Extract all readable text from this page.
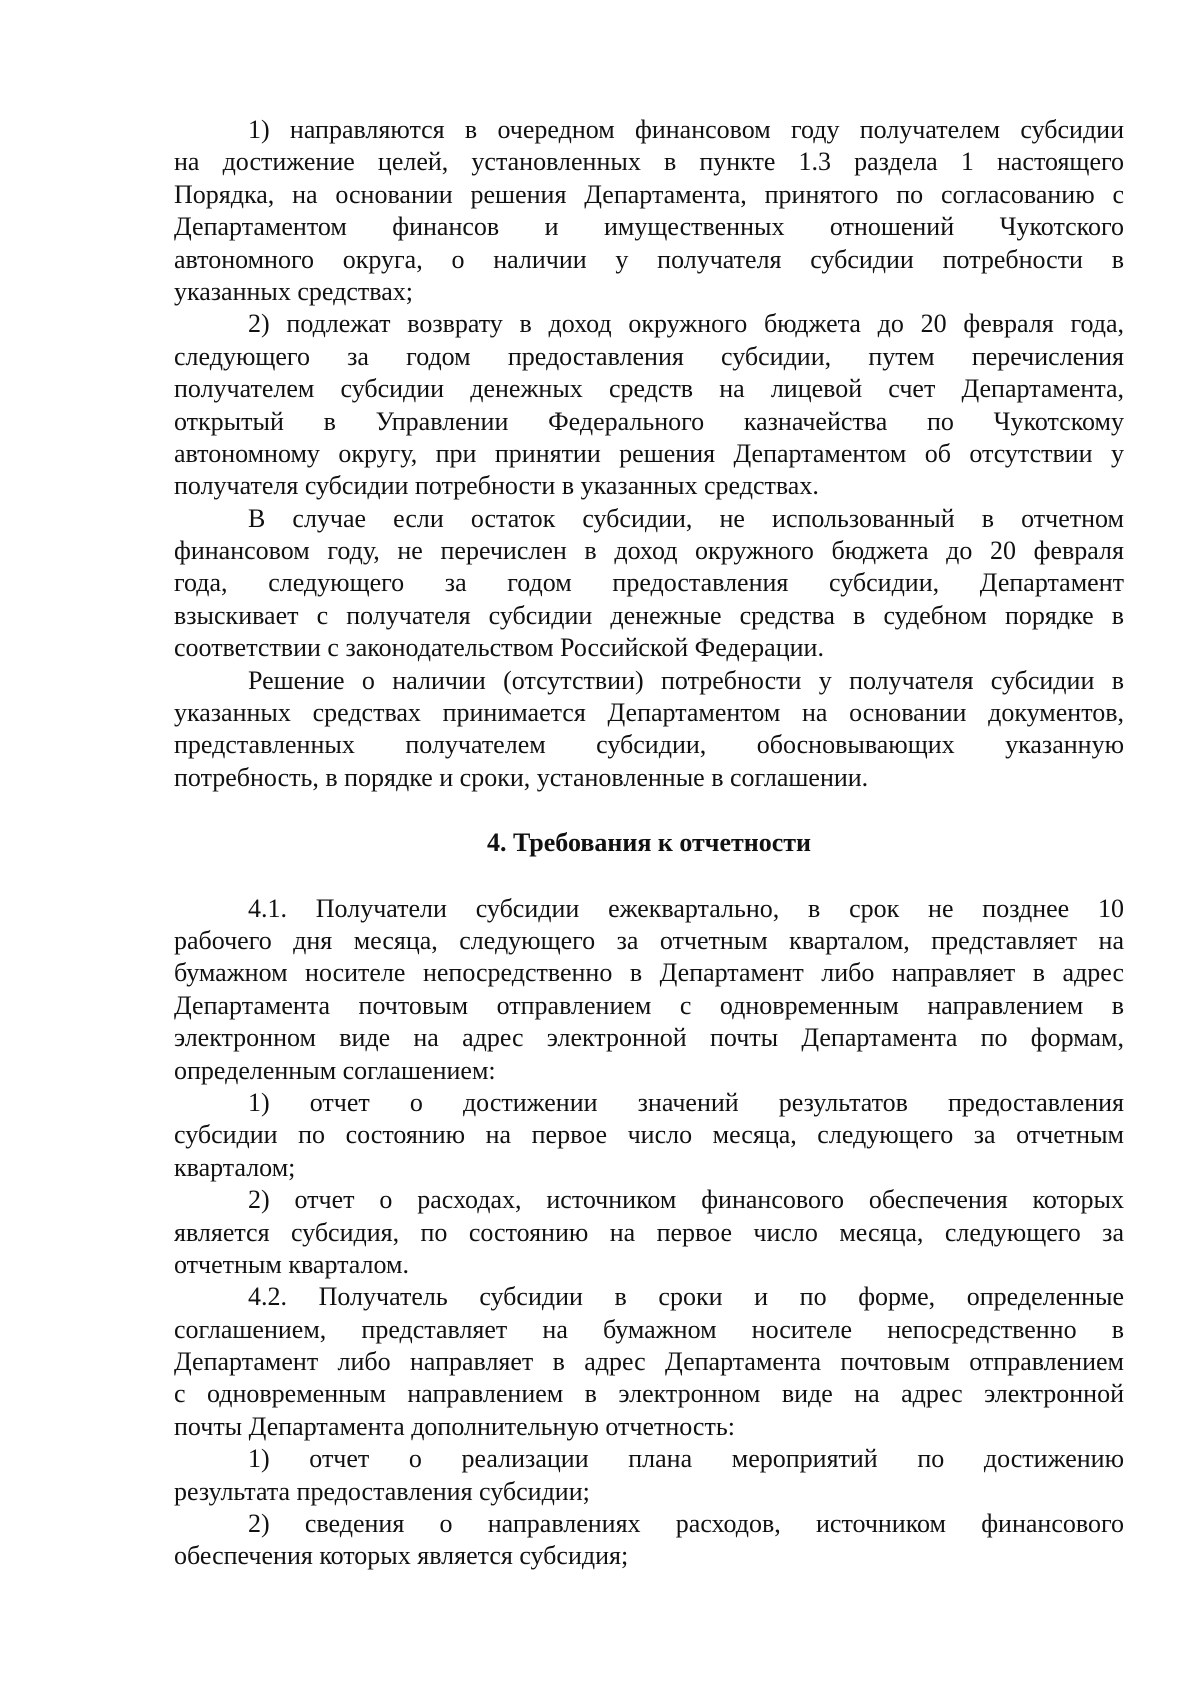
1) направляются в очередном финансовом году получателем субсидии
на достижение целей, установленных в пункте 1.3 раздела 1 настоящего
Порядка, на основании решения Департамента, принятого по согласованию с
Департаментом финансов и имущественных отношений Чукотского
автономного округа, о наличии у получателя субсидии потребности в
указанных средствах;
2) подлежат возврату в доход окружного бюджета до 20 февраля года,
следующего за годом предоставления субсидии, путем перечисления
получателем субсидии денежных средств на лицевой счет Департамента,
открытый в Управлении Федерального казначейства по Чукотскому
автономному округу, при принятии решения Департаментом об отсутствии у
получателя субсидии потребности в указанных средствах.
В случае если остаток субсидии, не использованный в отчетном
финансовом году, не перечислен в доход окружного бюджета до 20 февраля
года, следующего за годом предоставления субсидии, Департамент
взыскивает с получателя субсидии денежные средства в судебном порядке в
соответствии с законодательством Российской Федерации.
Решение о наличии (отсутствии) потребности у получателя субсидии в
указанных средствах принимается Департаментом на основании документов,
представленных получателем субсидии, обосновывающих указанную
потребность, в порядке и сроки, установленные в соглашении.
4. Требования к отчетности
4.1. Получатели субсидии ежеквартально, в срок не позднее 10
рабочего дня месяца, следующего за отчетным кварталом, представляет на
бумажном носителе непосредственно в Департамент либо направляет в адрес
Департамента почтовым отправлением с одновременным направлением в
электронном виде на адрес электронной почты Департамента по формам,
определенным соглашением:
1) отчет о достижении значений результатов предоставления
субсидии по состоянию на первое число месяца, следующего за отчетным
кварталом;
2) отчет о расходах, источником финансового обеспечения которых
является субсидия, по состоянию на первое число месяца, следующего за
отчетным кварталом.
4.2. Получатель субсидии в сроки и по форме, определенные
соглашением, представляет на бумажном носителе непосредственно в
Департамент либо направляет в адрес Департамента почтовым отправлением
с одновременным направлением в электронном виде на адрес электронной
почты Департамента дополнительную отчетность:
1) отчет о реализации плана мероприятий по достижению
результата предоставления субсидии;
2) сведения о направлениях расходов, источником финансового
обеспечения которых является субсидия;
